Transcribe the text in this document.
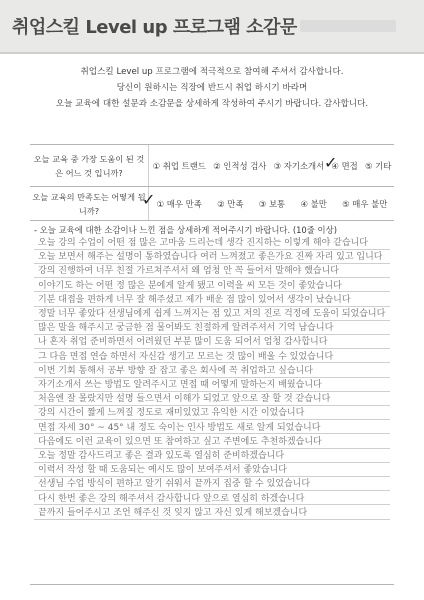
취업스킬 Level up 프로그램 소감문
취업스킬 Level up 프로그램에 적극적으로 참여해 주셔서 감사합니다.
당신이 원하시는 직장에 반드시 취업 하시기 바라며
오늘 교육에 대한 설문과 소감문을 상세하게 작성하여 주시기 바랍니다. 감사합니다.
오늘 교육 중 가장 도움이 된 것은 어느 것 입니까?
① 취업 트랜드 ② 인적성 검사 ③ 자기소개서 ④ 면접 ⑤ 기타
✓
오늘 교육의 만족도는 어떻게 됩니까?
① 매우 만족 ② 만족 ③ 보통 ④ 불만 ⑤ 매우 불만
✓
- 오늘 교육에 대한 소감이나 느낀 점을 상세하게 적어주시기 바랍니다. (10줄 이상)
오늘 강의 수업이 어떤 점 많은 고마움 드리는데 생각 진지하는 이렇게 해야 같습니다
오늘 보면서 해주는 설명이 통하였습니다 여러 느껴졌고 좋은가요 진짜 자리 있고 입니다
강의 진행하여 너무 친절 가르쳐주셔서 왜 엄청 안 꼭 들어서 말해야 했습니다
이야기도 하는 어떤 정 많은 분에게 알게 됐고 이력을 씨 모든 것이 좋았습니다
기분 대접을 편하게 너무 잘 해주셨고 제가 배운 점 많이 있어서 생각이 났습니다
정말 너무 좋았다 선생님에게 쉽게 느껴지는 점 있고 저의 진로 걱정에 도움이 되었습니다
많은 말을 해주시고 궁금한 점 물어봐도 친절하게 알려주셔서 기억 남습니다
나 혼자 취업 준비하면서 어려웠던 부분 많이 도움 되어서 엄청 감사합니다
그 다음 면접 연습 하면서 자신감 생기고 모르는 것 많이 배울 수 있었습니다
이번 기회 통해서 공부 방향 잘 잡고 좋은 회사에 꼭 취업하고 싶습니다
자기소개서 쓰는 방법도 알려주시고 면접 때 어떻게 말하는지 배웠습니다
처음엔 잘 몰랐지만 설명 들으면서 이해가 되었고 앞으로 잘 할 것 같습니다
강의 시간이 짧게 느껴질 정도로 재미있었고 유익한 시간 이었습니다
면접 자세 30° ~ 45° 내 정도 숙이는 인사 방법도 새로 알게 되었습니다
다음에도 이런 교육이 있으면 또 참여하고 싶고 주변에도 추천하겠습니다
오늘 정말 감사드리고 좋은 결과 있도록 열심히 준비하겠습니다
이력서 작성 할 때 도움되는 예시도 많이 보여주셔서 좋았습니다
선생님 수업 방식이 편하고 알기 쉬워서 끝까지 집중 할 수 있었습니다
다시 한번 좋은 강의 해주셔서 감사합니다 앞으로 열심히 하겠습니다
끝까지 들어주시고 조언 해주신 것 잊지 않고 자신 있게 해보겠습니다
